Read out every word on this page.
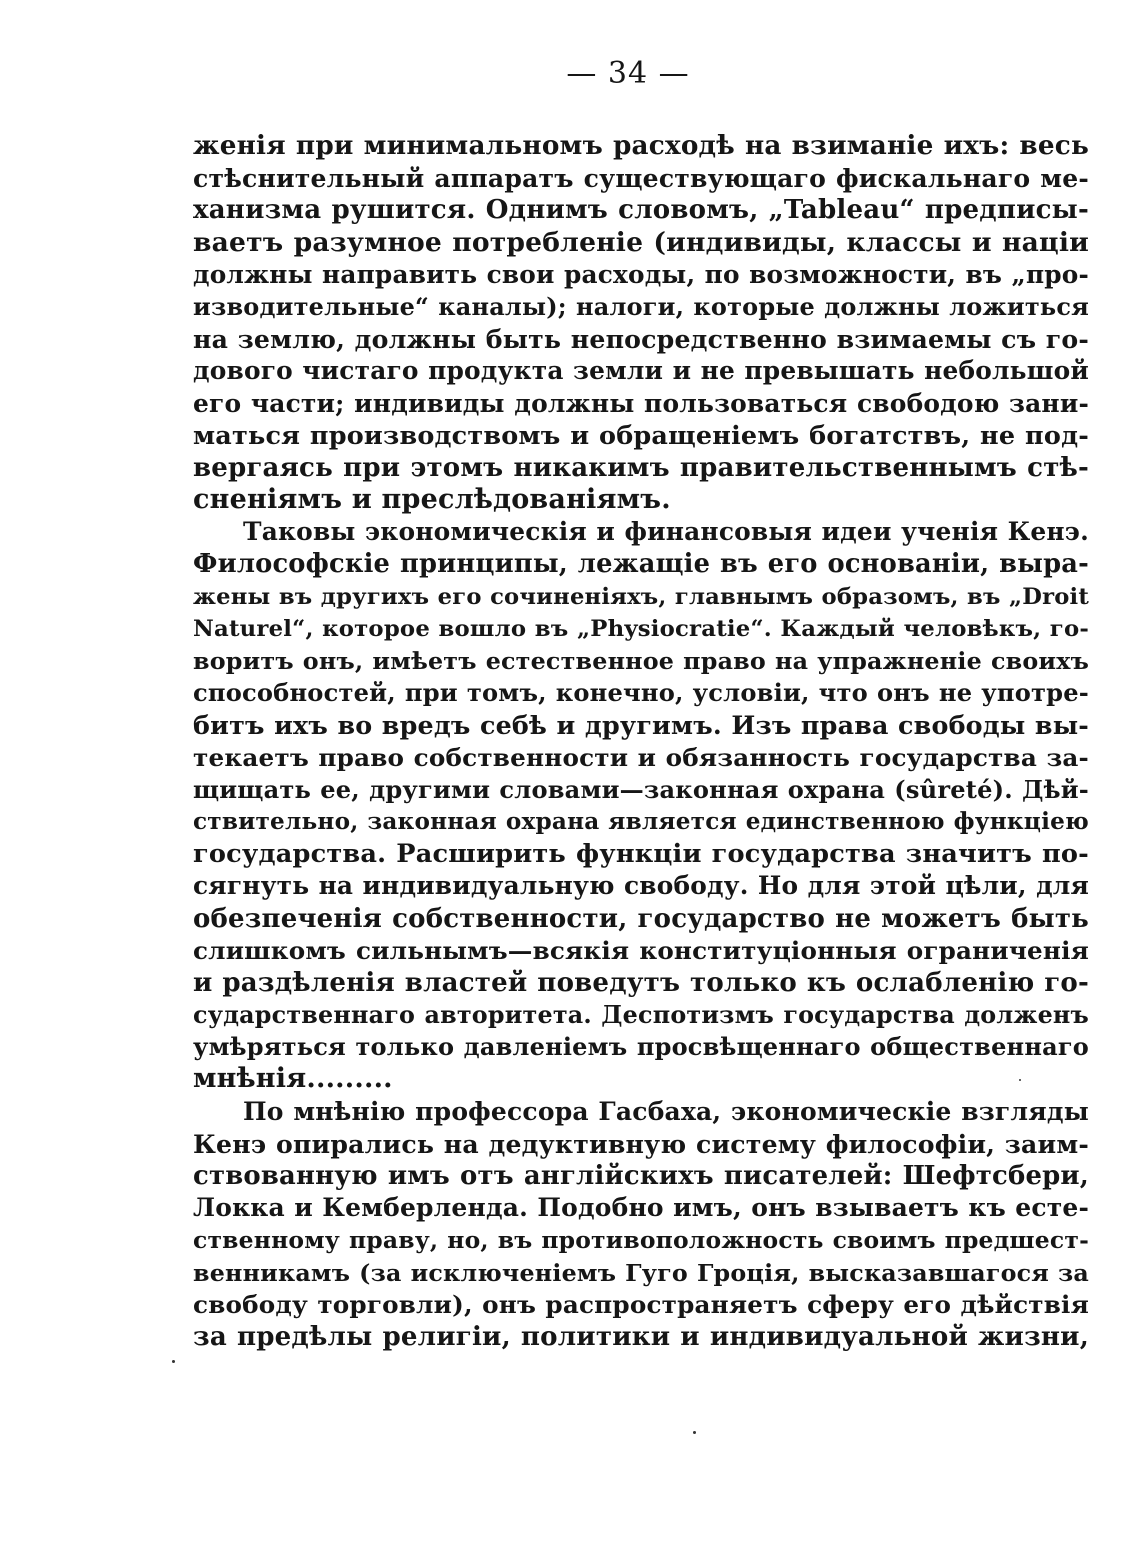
— 34 —
женія при минимальномъ расходѣ на взиманіе ихъ: весь
стѣснительный аппаратъ существующаго фискальнаго ме-
ханизма рушится. Однимъ словомъ, „Tableau“ предписы-
ваетъ разумное потребленіе (индивиды, классы и націи
должны направить свои расходы, по возможности, въ „про-
изводительные“ каналы); налоги, которые должны ложиться
на землю, должны быть непосредственно взимаемы съ го-
дового чистаго продукта земли и не превышать небольшой
его части; индивиды должны пользоваться свободою зани-
маться производствомъ и обращеніемъ богатствъ, не под-
вергаясь при этомъ никакимъ правительственнымъ стѣ-
сненіямъ и преслѣдованіямъ.
Таковы экономическія и финансовыя идеи ученія Кенэ.
Философскіе принципы, лежащіе въ его основаніи, выра-
жены въ другихъ его сочиненіяхъ, главнымъ образомъ, въ „Droit
Naturel“, которое вошло въ „Physiocratie“. Каждый человѣкъ, го-
воритъ онъ, имѣетъ естественное право на упражненіе своихъ
способностей, при томъ, конечно, условіи, что онъ не употре-
битъ ихъ во вредъ себѣ и другимъ. Изъ права свободы вы-
текаетъ право собственности и обязанность государства за-
щищать ее, другими словами—законная охрана (sûreté). Дѣй-
ствительно, законная охрана является единственною функціею
государства. Расширить функціи государства значитъ по-
сягнуть на индивидуальную свободу. Но для этой цѣли, для
обезпеченія собственности, государство не можетъ быть
слишкомъ сильнымъ—всякія конституціонныя ограниченія
и раздѣленія властей поведутъ только къ ослабленію го-
сударственнаго авторитета. Деспотизмъ государства долженъ
умѣряться только давленіемъ просвѣщеннаго общественнаго
мнѣнія.........
По мнѣнію профессора Гасбаха, экономическіе взгляды
Кенэ опирались на дедуктивную систему философіи, заим-
ствованную имъ отъ англійскихъ писателей: Шефтсбери,
Локка и Кемберленда. Подобно имъ, онъ взываетъ къ есте-
ственному праву, но, въ противоположность своимъ предшест-
венникамъ (за исключеніемъ Гуго Гроція, высказавшагося за
свободу торговли), онъ распространяетъ сферу его дѣйствія
за предѣлы религіи, политики и индивидуальной жизни,
